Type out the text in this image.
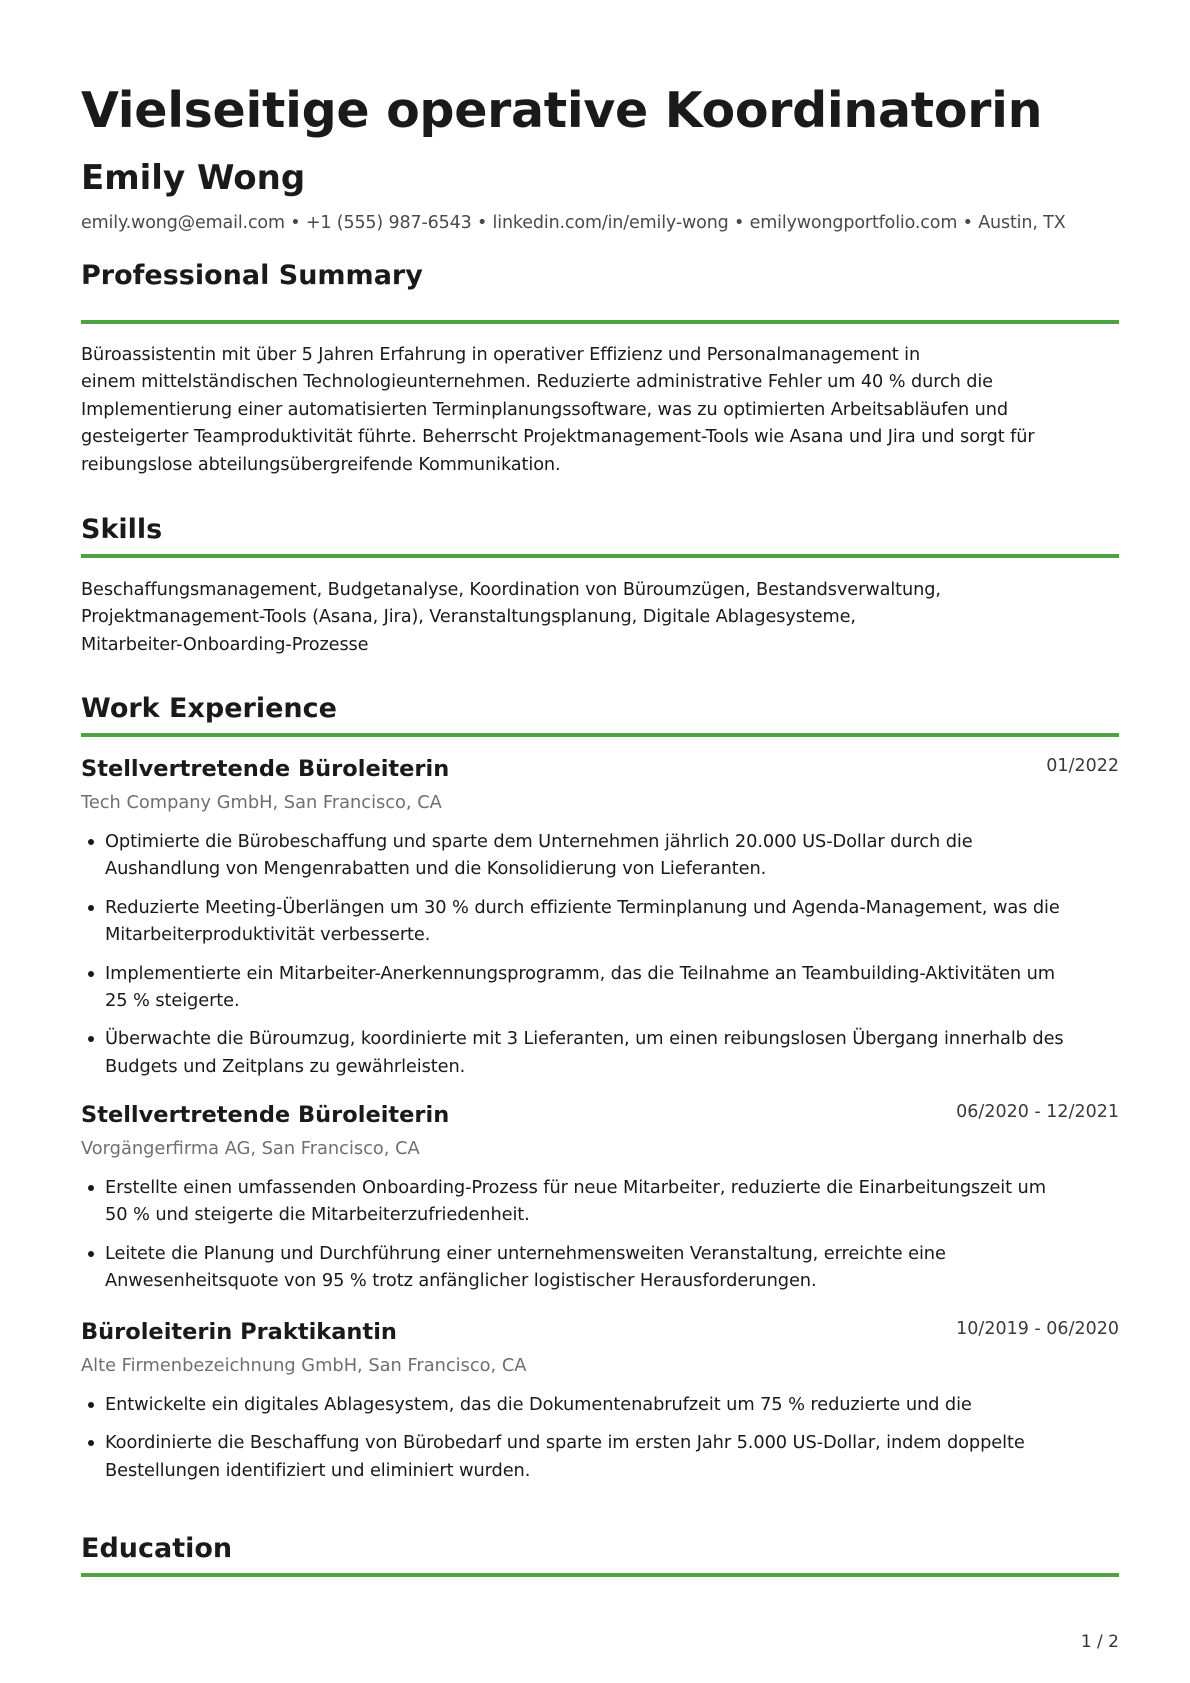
Vielseitige operative Koordinatorin
Emily Wong
emily.wong@email.com • +1 (555) 987-6543 • linkedin.com/in/emily-wong • emilywongportfolio.com • Austin, TX
Professional Summary
Büroassistentin mit über 5 Jahren Erfahrung in operativer Effizienz und Personalmanagement in
einem mittelständischen Technologieunternehmen. Reduzierte administrative Fehler um 40 % durch die
Implementierung einer automatisierten Terminplanungssoftware, was zu optimierten Arbeitsabläufen und
gesteigerter Teamproduktivität führte. Beherrscht Projektmanagement-Tools wie Asana und Jira und sorgt für
reibungslose abteilungsübergreifende Kommunikation.
Skills
Beschaffungsmanagement, Budgetanalyse, Koordination von Büroumzügen, Bestandsverwaltung,
Projektmanagement-Tools (Asana, Jira), Veranstaltungsplanung, Digitale Ablagesysteme,
Mitarbeiter-Onboarding-Prozesse
Work Experience
Stellvertretende Büroleiterin	01/2022
Tech Company GmbH, San Francisco, CA
Optimierte die Bürobeschaffung und sparte dem Unternehmen jährlich 20.000 US-Dollar durch die
Aushandlung von Mengenrabatten und die Konsolidierung von Lieferanten.
Reduzierte Meeting-Überlängen um 30 % durch effiziente Terminplanung und Agenda-Management, was die
Mitarbeiterproduktivität verbesserte.
Implementierte ein Mitarbeiter-Anerkennungsprogramm, das die Teilnahme an Teambuilding-Aktivitäten um
25 % steigerte.
Überwachte die Büroumzug, koordinierte mit 3 Lieferanten, um einen reibungslosen Übergang innerhalb des
Budgets und Zeitplans zu gewährleisten.
Stellvertretende Büroleiterin	06/2020 - 12/2021
Vorgängerfirma AG, San Francisco, CA
Erstellte einen umfassenden Onboarding-Prozess für neue Mitarbeiter, reduzierte die Einarbeitungszeit um
50 % und steigerte die Mitarbeiterzufriedenheit.
Leitete die Planung und Durchführung einer unternehmensweiten Veranstaltung, erreichte eine
Anwesenheitsquote von 95 % trotz anfänglicher logistischer Herausforderungen.
Büroleiterin Praktikantin	10/2019 - 06/2020
Alte Firmenbezeichnung GmbH, San Francisco, CA
Entwickelte ein digitales Ablagesystem, das die Dokumentenabrufzeit um 75 % reduzierte und die
Koordinierte die Beschaffung von Bürobedarf und sparte im ersten Jahr 5.000 US-Dollar, indem doppelte
Bestellungen identifiziert und eliminiert wurden.
Education
1 / 2
